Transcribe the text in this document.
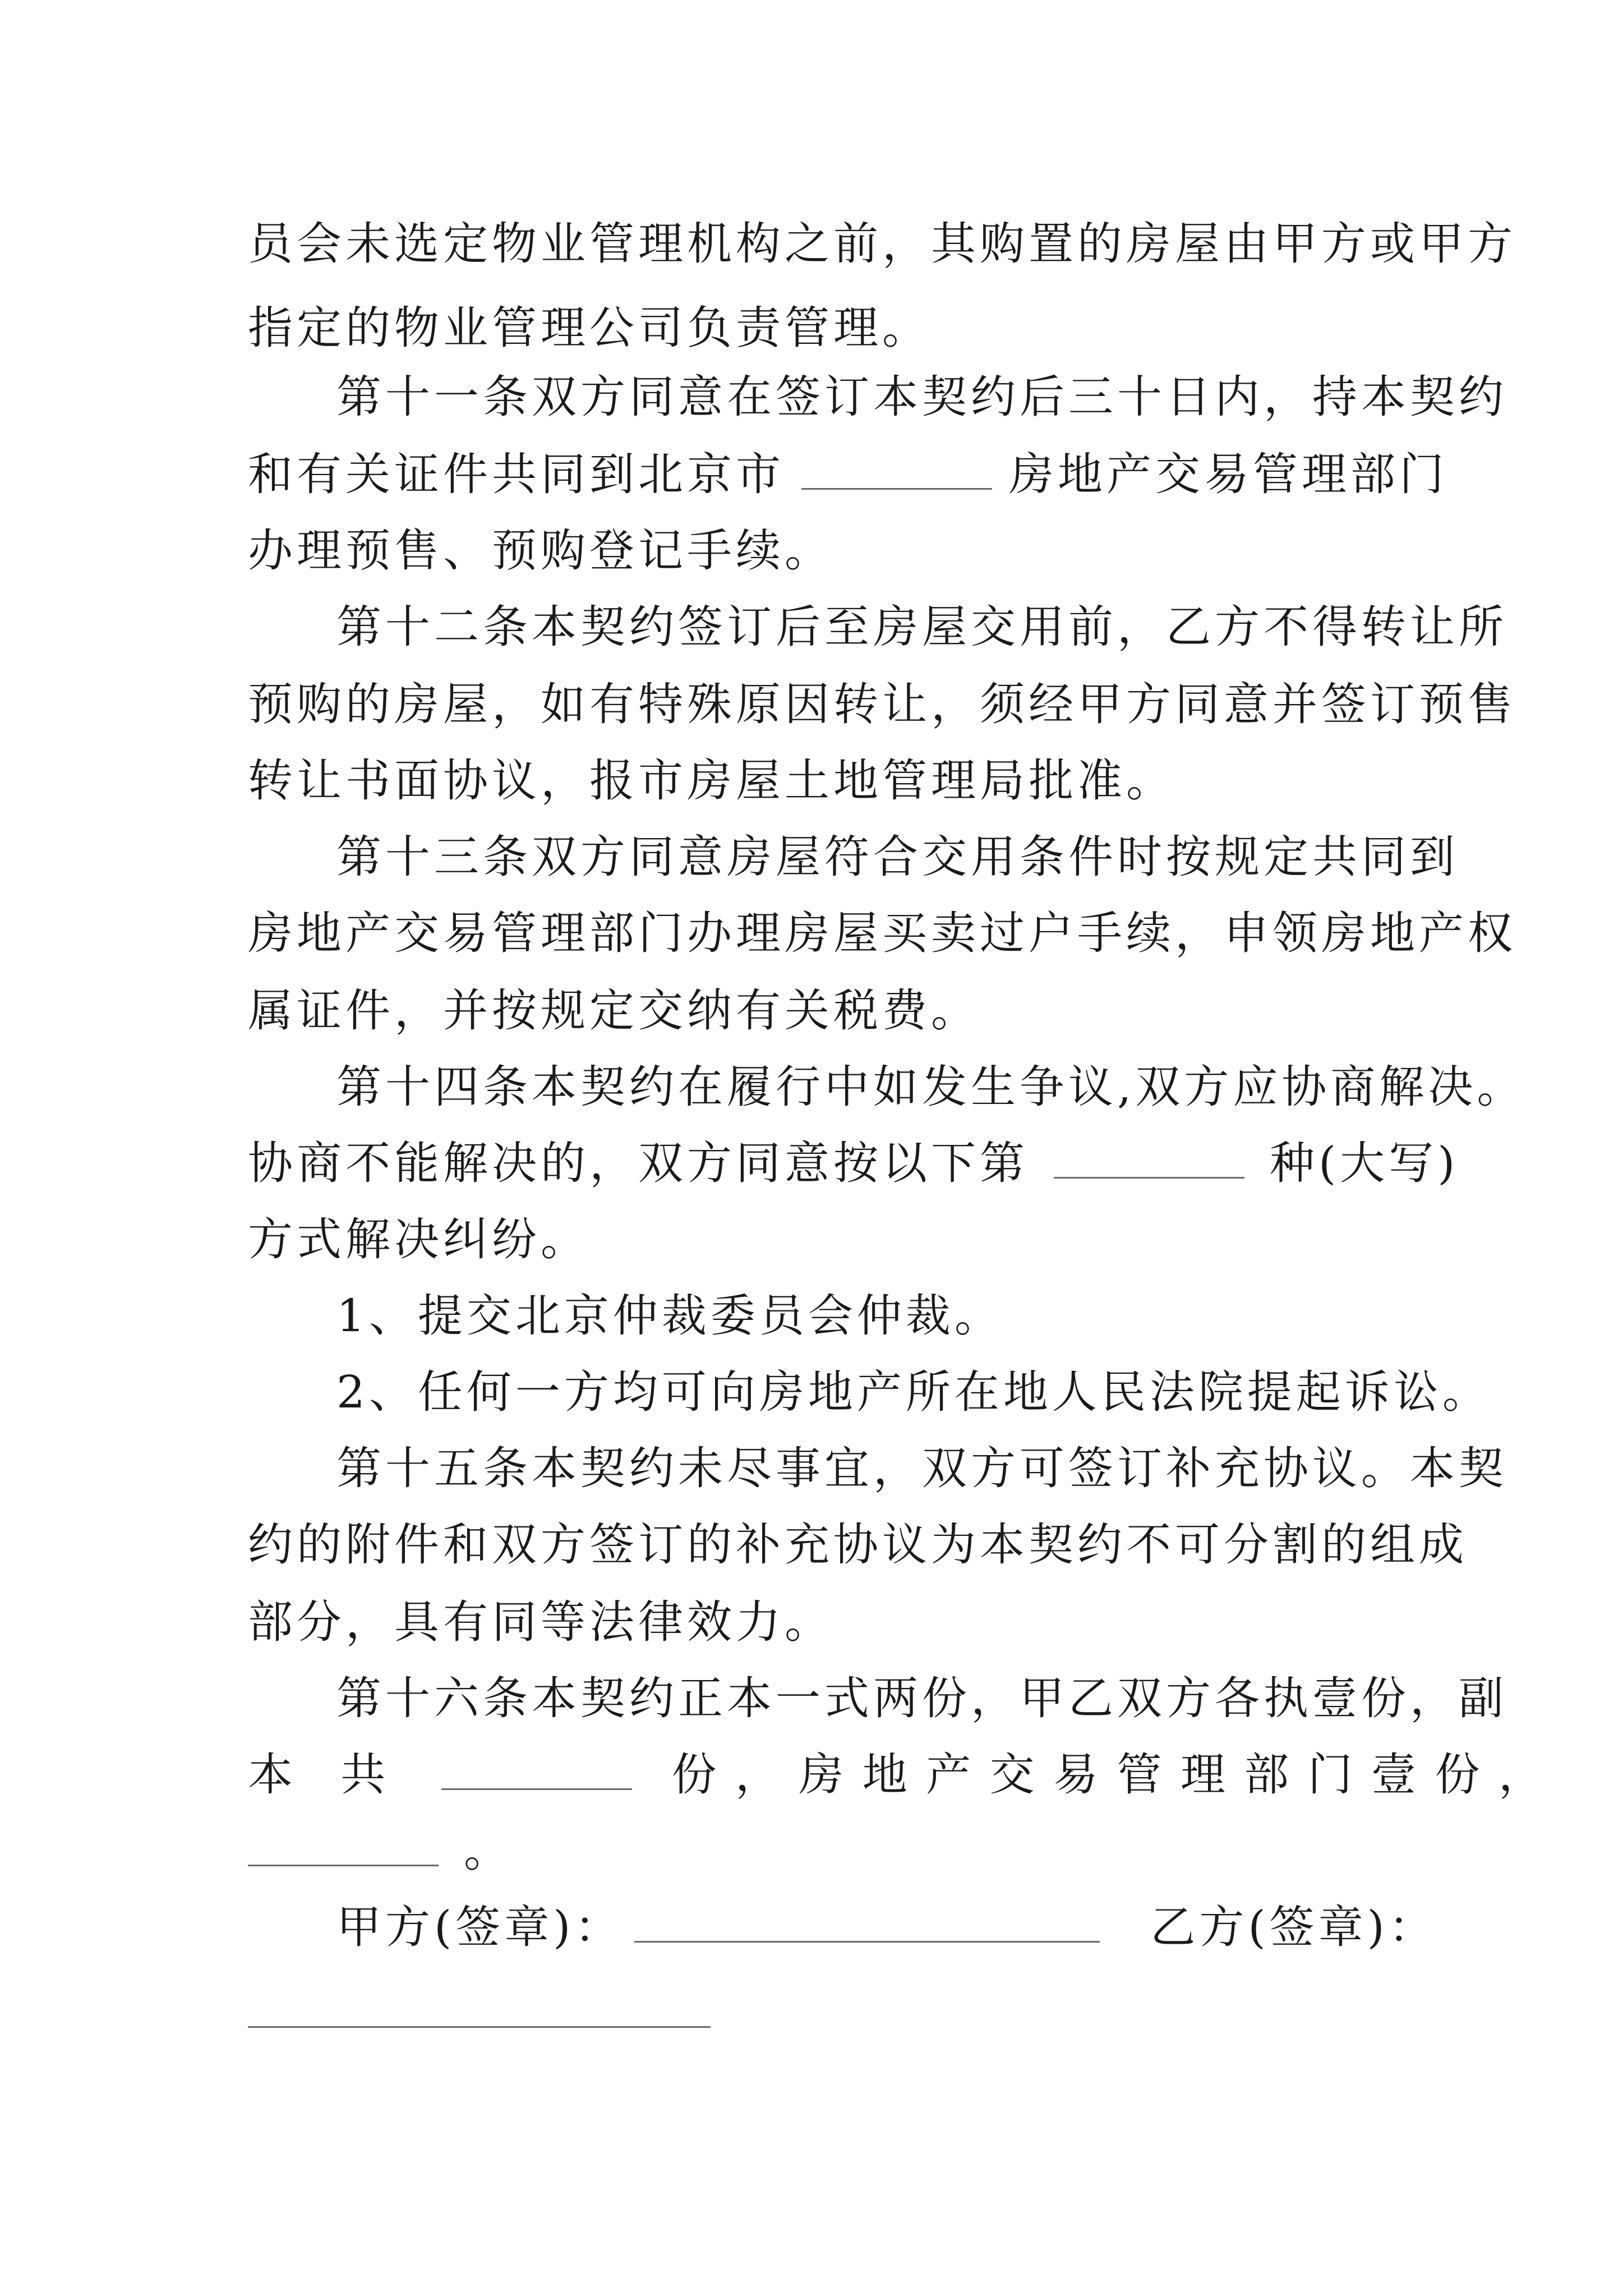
员会未选定物业管理机构之前，其购置的房屋由甲方或甲方
指定的物业管理公司负责管理。
第十一条双方同意在签订本契约后三十日内，持本契约
和有关证件共同到北京市	房地产交易管理部门
办理预售、预购登记手续。
第十二条本契约签订后至房屋交用前，乙方不得转让所
预购的房屋，如有特殊原因转让，须经甲方同意并签订预售
转让书面协议，报市房屋土地管理局批准。
第十三条双方同意房屋符合交用条件时按规定共同到
房地产交易管理部门办理房屋买卖过户手续，申领房地产权
属证件，并按规定交纳有关税费。
第十四条本契约在履行中如发生争议,双方应协商解决。
协商不能解决的，双方同意按以下第	种(大写)
方式解决纠纷。
1、提交北京仲裁委员会仲裁。
2、任何一方均可向房地产所在地人民法院提起诉讼。
第十五条本契约未尽事宜，双方可签订补充协议。本契
约的附件和双方签订的补充协议为本契约不可分割的组成
部分，具有同等法律效力。
第十六条本契约正本一式两份，甲乙双方各执壹份，副
本 共	份 ， 房 地 产 交 易 管 理 部 门 壹 份 ，
。
甲方(签章)：	乙方(签章)：
